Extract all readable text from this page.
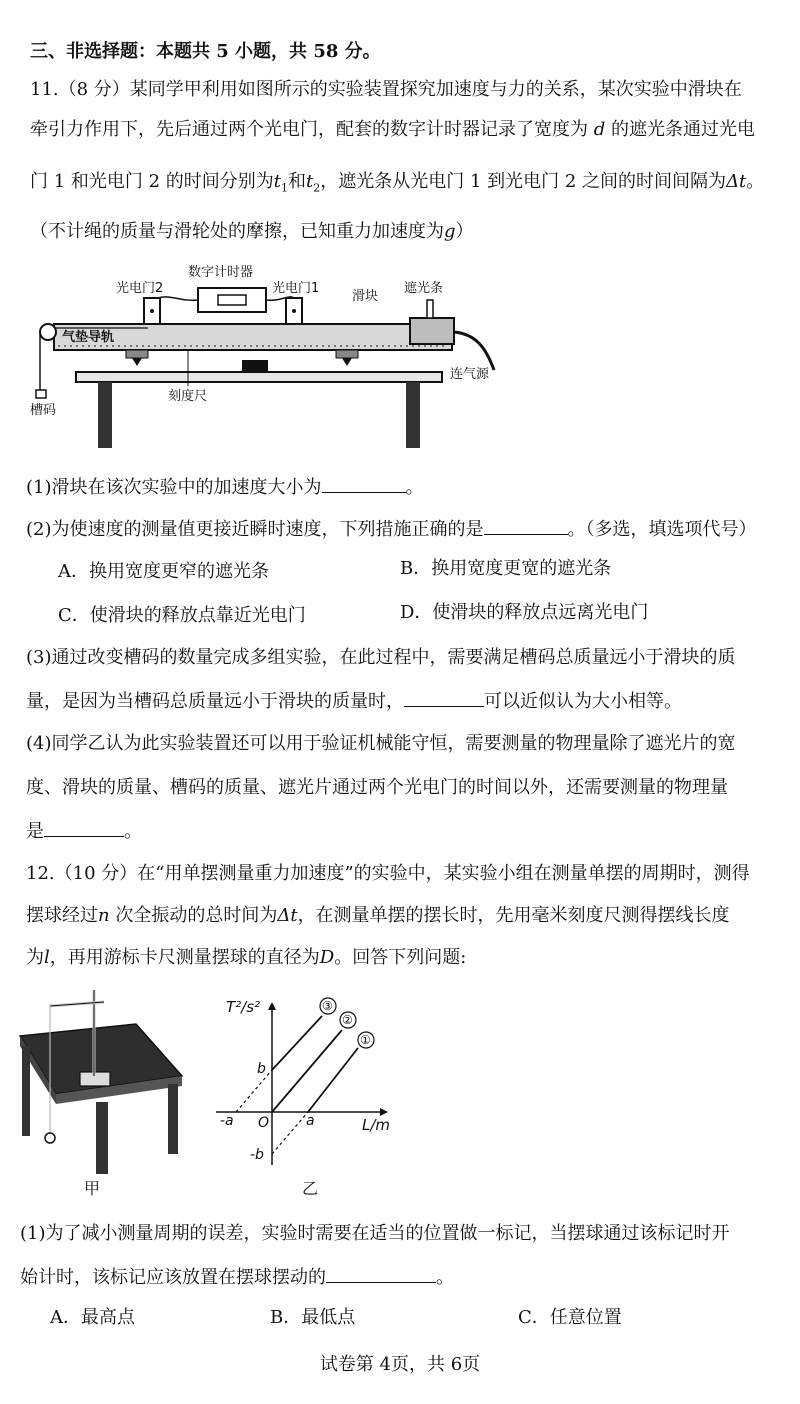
三、非选择题：本题共 5 小题，共 58 分。
11.（8 分）某同学甲利用如图所示的实验装置探究加速度与力的关系，某次实验中滑块在
牵引力作用下，先后通过两个光电门，配套的数字计时器记录了宽度为 d 的遮光条通过光电
门 1 和光电门 2 的时间分别为$t_1$和$t_2$，遮光条从光电门 1 到光电门 2 之间的时间间隔为Δt。
（不计绳的质量与滑轮处的摩擦，已知重力加速度为g）
数字计时器
光电门2	光电门1
滑块
遮光条
气垫导轨
连气源
刻度尺
槽码
(1)滑块在该次实验中的加速度大小为	。
(2)为使速度的测量值更接近瞬时速度，下列措施正确的是	。（多选，填选项代号）
A．换用宽度更窄的遮光条	B．换用宽度更宽的遮光条
C．使滑块的释放点靠近光电门	D．使滑块的释放点远离光电门
(3)通过改变槽码的数量完成多组实验，在此过程中，需要满足槽码总质量远小于滑块的质
量，是因为当槽码总质量远小于滑块的质量时，	可以近似认为大小相等。
(4)同学乙认为此实验装置还可以用于验证机械能守恒，需要测量的物理量除了遮光片的宽
度、滑块的质量、槽码的质量、遮光片通过两个光电门的时间以外，还需要测量的物理量
是	。
12.（10 分）在“用单摆测量重力加速度”的实验中，某实验小组在测量单摆的周期时，测得
摆球经过n 次全振动的总时间为Δt，在测量单摆的摆长时，先用毫米刻度尺测得摆线长度
为l，再用游标卡尺测量摆球的直径为D。回答下列问题:
甲
T²/s²
L/m
O
b
-b
-a	a
③
②
①
乙
(1)为了减小测量周期的误差，实验时需要在适当的位置做一标记，当摆球通过该标记时开
始计时，该标记应该放置在摆球摆动的	。
A．最高点	B．最低点	C．任意位置
试卷第 4页，共 6页
